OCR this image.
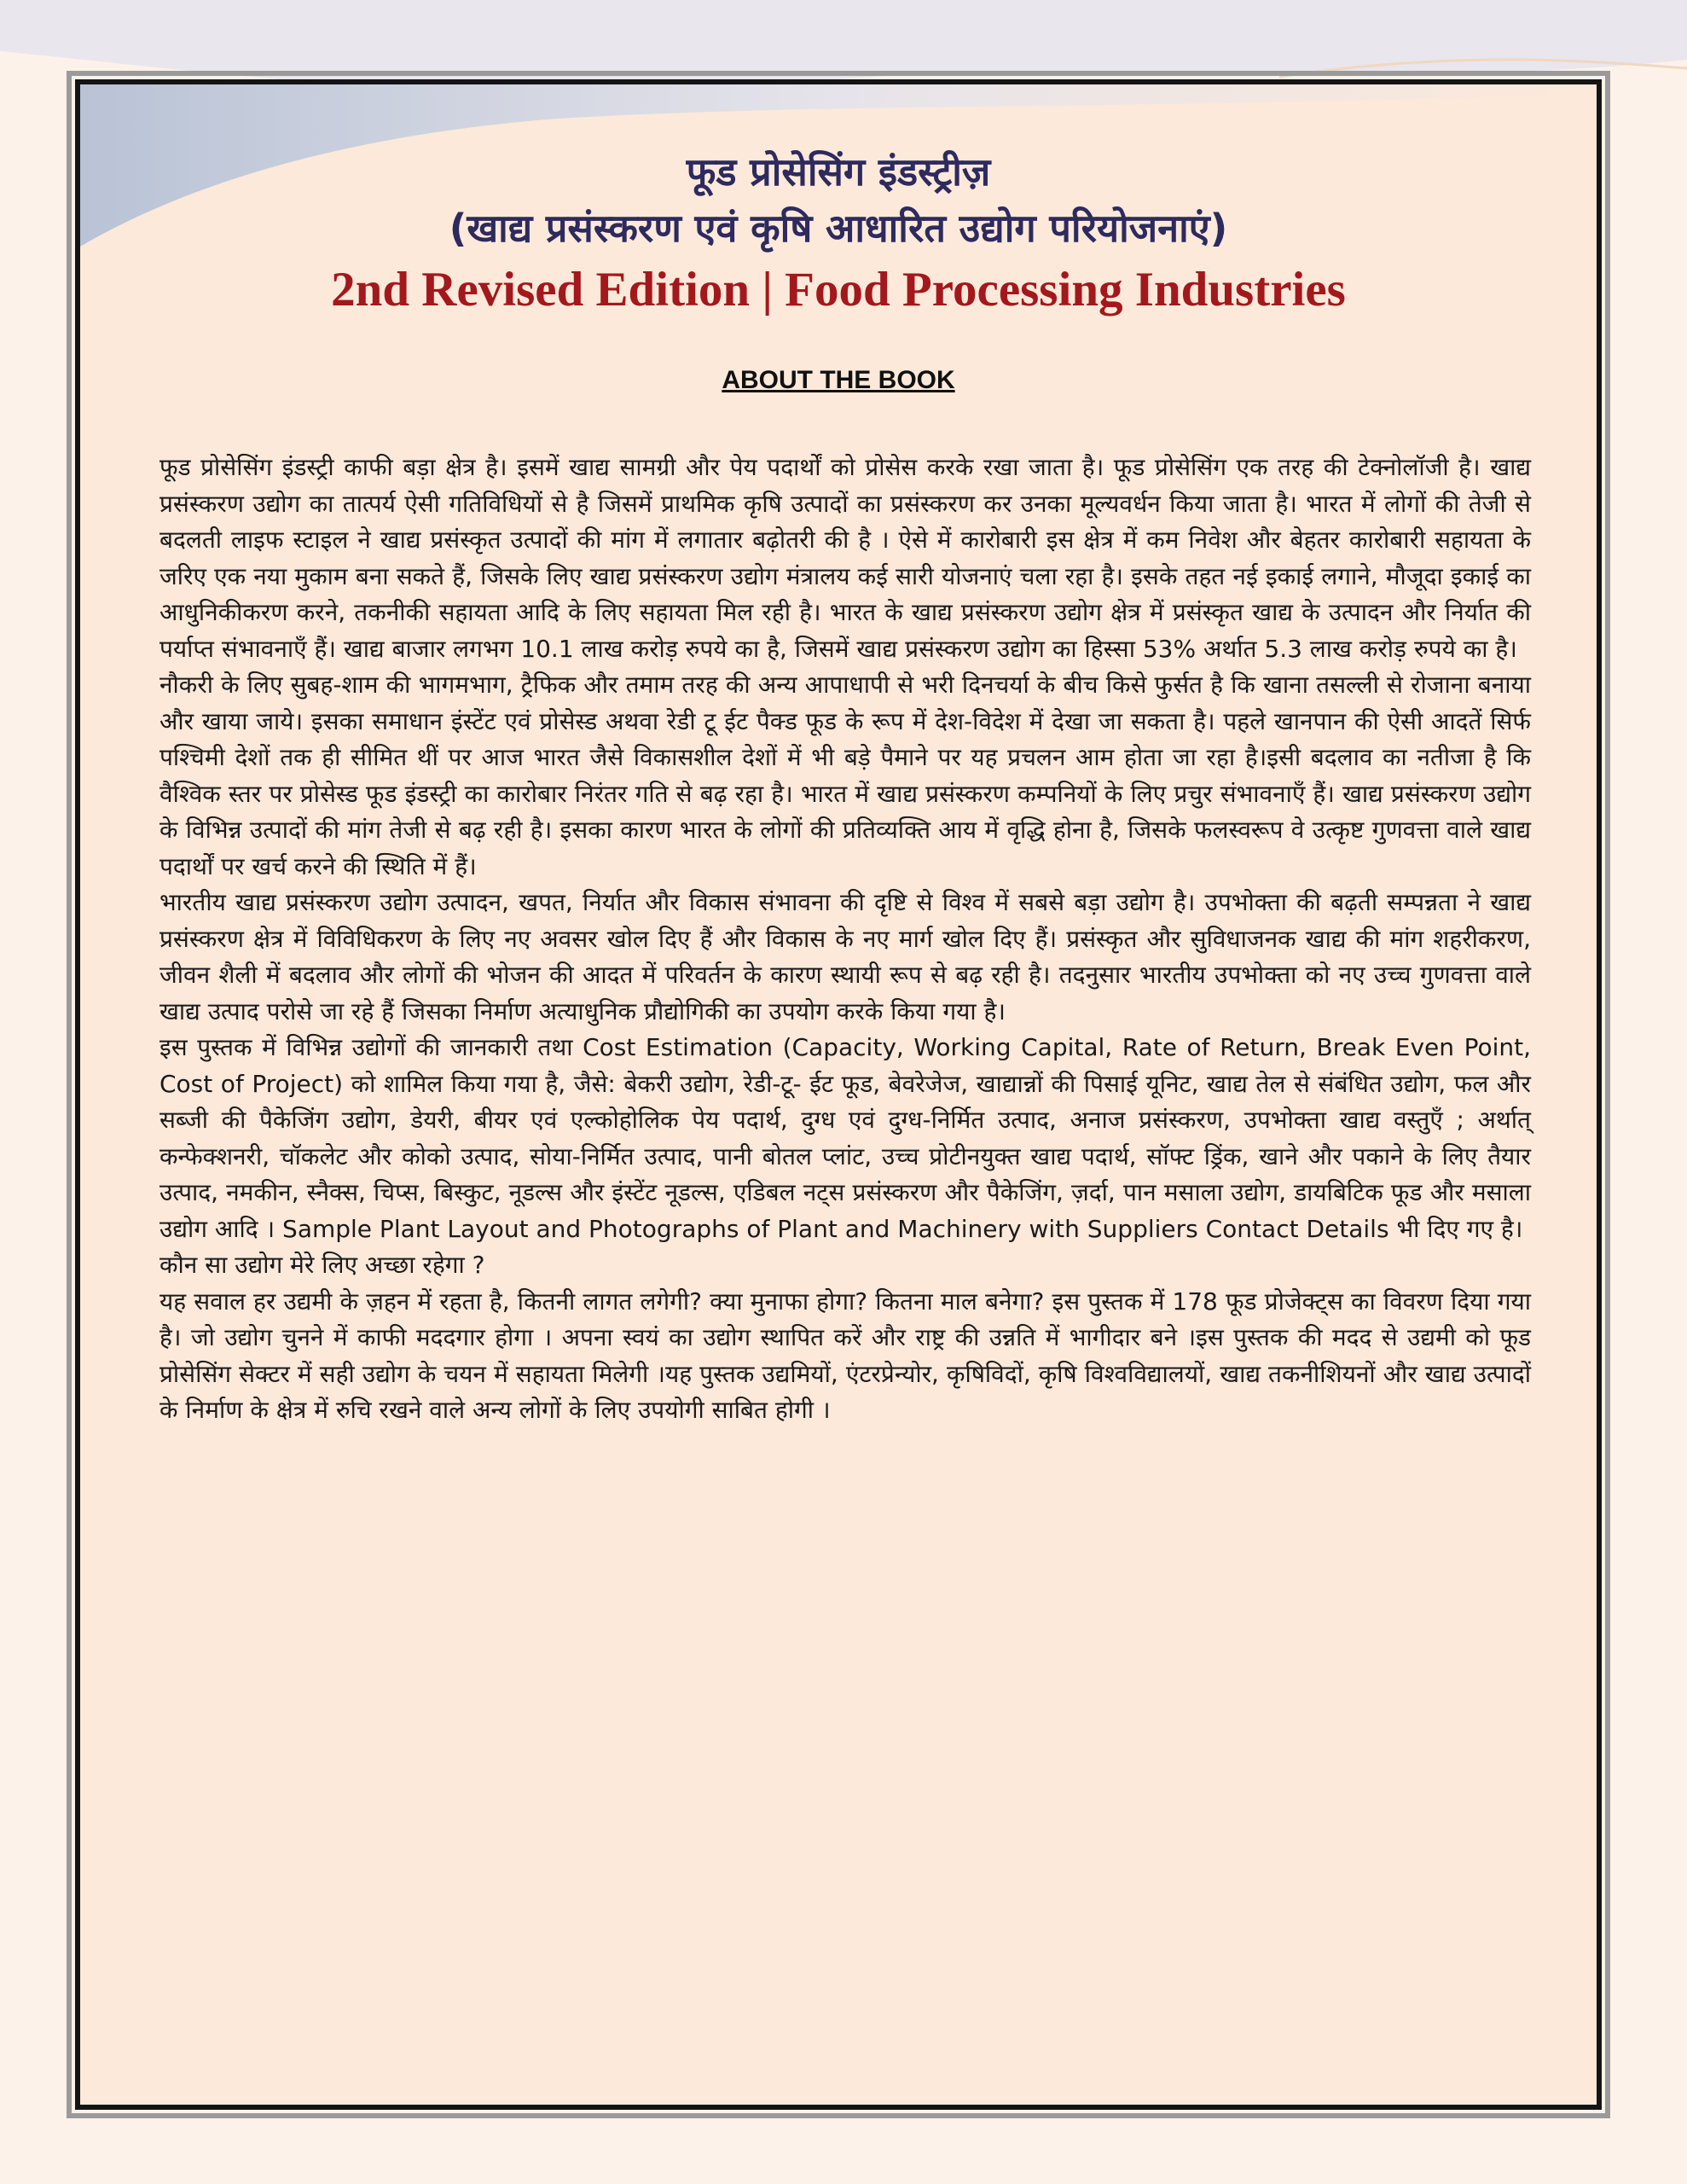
फूड प्रोसेसिंग इंडस्ट्रीज़

(खाद्य प्रसंस्करण एवं कृषि आधारित उद्योग परियोजनाएं)

2nd Revised Edition | Food Processing Industries

ABOUT THE BOOK

फूड प्रोसेसिंग इंडस्ट्री काफी बड़ा क्षेत्र है। इसमें खाद्य सामग्री और पेय पदार्थों को प्रोसेस करके रखा जाता है। फूड प्रोसेसिंग एक तरह की टेक्नोलॉजी है। खाद्य प्रसंस्करण उद्योग का तात्पर्य ऐसी गतिविधियों से है जिसमें प्राथमिक कृषि उत्पादों का प्रसंस्करण कर उनका मूल्यवर्धन किया जाता है। भारत में लोगों की तेजी से बदलती लाइफ स्टाइल ने खाद्य प्रसंस्कृत उत्पादों की मांग में लगातार बढ़ोतरी की है । ऐसे में कारोबारी इस क्षेत्र में कम निवेश और बेहतर कारोबारी सहायता के जरिए एक नया मुकाम बना सकते हैं, जिसके लिए खाद्य प्रसंस्करण उद्योग मंत्रालय कई सारी योजनाएं चला रहा है। इसके तहत नई इकाई लगाने, मौजूदा इकाई का आधुनिकीकरण करने, तकनीकी सहायता आदि के लिए सहायता मिल रही है। भारत के खाद्य प्रसंस्करण उद्योग क्षेत्र में प्रसंस्कृत खाद्य के उत्पादन और निर्यात की पर्याप्त संभावनाएँ हैं। खाद्य बाजार लगभग 10.1 लाख करोड़ रुपये का है, जिसमें खाद्य प्रसंस्करण उद्योग का हिस्सा 53% अर्थात 5.3 लाख करोड़ रुपये का है।

नौकरी के लिए सुबह-शाम की भागमभाग, ट्रैफिक और तमाम तरह की अन्य आपाधापी से भरी दिनचर्या के बीच किसे फुर्सत है कि खाना तसल्ली से रोजाना बनाया और खाया जाये। इसका समाधान इंस्टेंट एवं प्रोसेस्ड अथवा रेडी टू ईट पैक्ड फूड के रूप में देश-विदेश में देखा जा सकता है। पहले खानपान की ऐसी आदतें सिर्फ पश्चिमी देशों तक ही सीमित थीं पर आज भारत जैसे विकासशील देशों में भी बड़े पैमाने पर यह प्रचलन आम होता जा रहा है।इसी बदलाव का नतीजा है कि वैश्विक स्तर पर प्रोसेस्ड फूड इंडस्ट्री का कारोबार निरंतर गति से बढ़ रहा है। भारत में खाद्य प्रसंस्करण कम्पनियों के लिए प्रचुर संभावनाएँ हैं। खाद्य प्रसंस्करण उद्योग के विभिन्न उत्पादों की मांग तेजी से बढ़ रही है। इसका कारण भारत के लोगों की प्रतिव्यक्ति आय में वृद्धि होना है, जिसके फलस्वरूप वे उत्कृष्ट गुणवत्ता वाले खाद्य पदार्थों पर खर्च करने की स्थिति में हैं।

भारतीय खाद्य प्रसंस्करण उद्योग उत्पादन, खपत, निर्यात और विकास संभावना की दृष्टि से विश्व में सबसे बड़ा उद्योग है। उपभोक्ता की बढ़ती सम्पन्नता ने खाद्य प्रसंस्करण क्षेत्र में विविधिकरण के लिए नए अवसर खोल दिए हैं और विकास के नए मार्ग खोल दिए हैं। प्रसंस्कृत और सुविधाजनक खाद्य की मांग शहरीकरण, जीवन शैली में बदलाव और लोगों की भोजन की आदत में परिवर्तन के कारण स्थायी रूप से बढ़ रही है। तदनुसार भारतीय उपभोक्ता को नए उच्च गुणवत्ता वाले खाद्य उत्पाद परोसे जा रहे हैं जिसका निर्माण अत्याधुनिक प्रौद्योगिकी का उपयोग करके किया गया है।

इस पुस्तक में विभिन्न उद्योगों की जानकारी तथा Cost Estimation (Capacity, Working Capital, Rate of Return, Break Even Point, Cost of Project) को शामिल किया गया है, जैसे: बेकरी उद्योग, रेडी-टू- ईट फूड, बेवरेजेज, खाद्यान्नों की पिसाई यूनिट, खाद्य तेल से संबंधित उद्योग, फल और सब्जी की पैकेजिंग उद्योग, डेयरी, बीयर एवं एल्कोहोलिक पेय पदार्थ, दुग्ध एवं दुग्ध-निर्मित उत्पाद, अनाज प्रसंस्करण, उपभोक्ता खाद्य वस्तुएँ ; अर्थात् कन्फेक्शनरी, चॉकलेट और कोको उत्पाद, सोया-निर्मित उत्पाद, पानी बोतल प्लांट, उच्च प्रोटीनयुक्त खाद्य पदार्थ, सॉफ्ट ड्रिंक, खाने और पकाने के लिए तैयार उत्पाद, नमकीन, स्नैक्स, चिप्स, बिस्कुट, नूडल्स और इंस्टेंट नूडल्स, एडिबल नट्स प्रसंस्करण और पैकेजिंग, ज़र्दा, पान मसाला उद्योग, डायबिटिक फूड और मसाला उद्योग आदि । Sample Plant Layout and Photographs of Plant and Machinery with Suppliers Contact Details भी दिए गए है।

कौन सा उद्योग मेरे लिए अच्छा रहेगा ?

यह सवाल हर उद्यमी के ज़हन में रहता है, कितनी लागत लगेगी? क्या मुनाफा होगा? कितना माल बनेगा? इस पुस्तक में 178 फूड प्रोजेक्ट्स का विवरण दिया गया है। जो उद्योग चुनने में काफी मददगार होगा । अपना स्वयं का उद्योग स्थापित करें और राष्ट्र की उन्नति में भागीदार बने ।इस पुस्तक की मदद से उद्यमी को फूड प्रोसेसिंग सेक्टर में सही उद्योग के चयन में सहायता मिलेगी ।यह पुस्तक उद्यमियों, एंटरप्रेन्योर, कृषिविदों, कृषि विश्वविद्यालयों, खाद्य तकनीशियनों और खाद्य उत्पादों के निर्माण के क्षेत्र में रुचि रखने वाले अन्य लोगों के लिए उपयोगी साबित होगी ।
